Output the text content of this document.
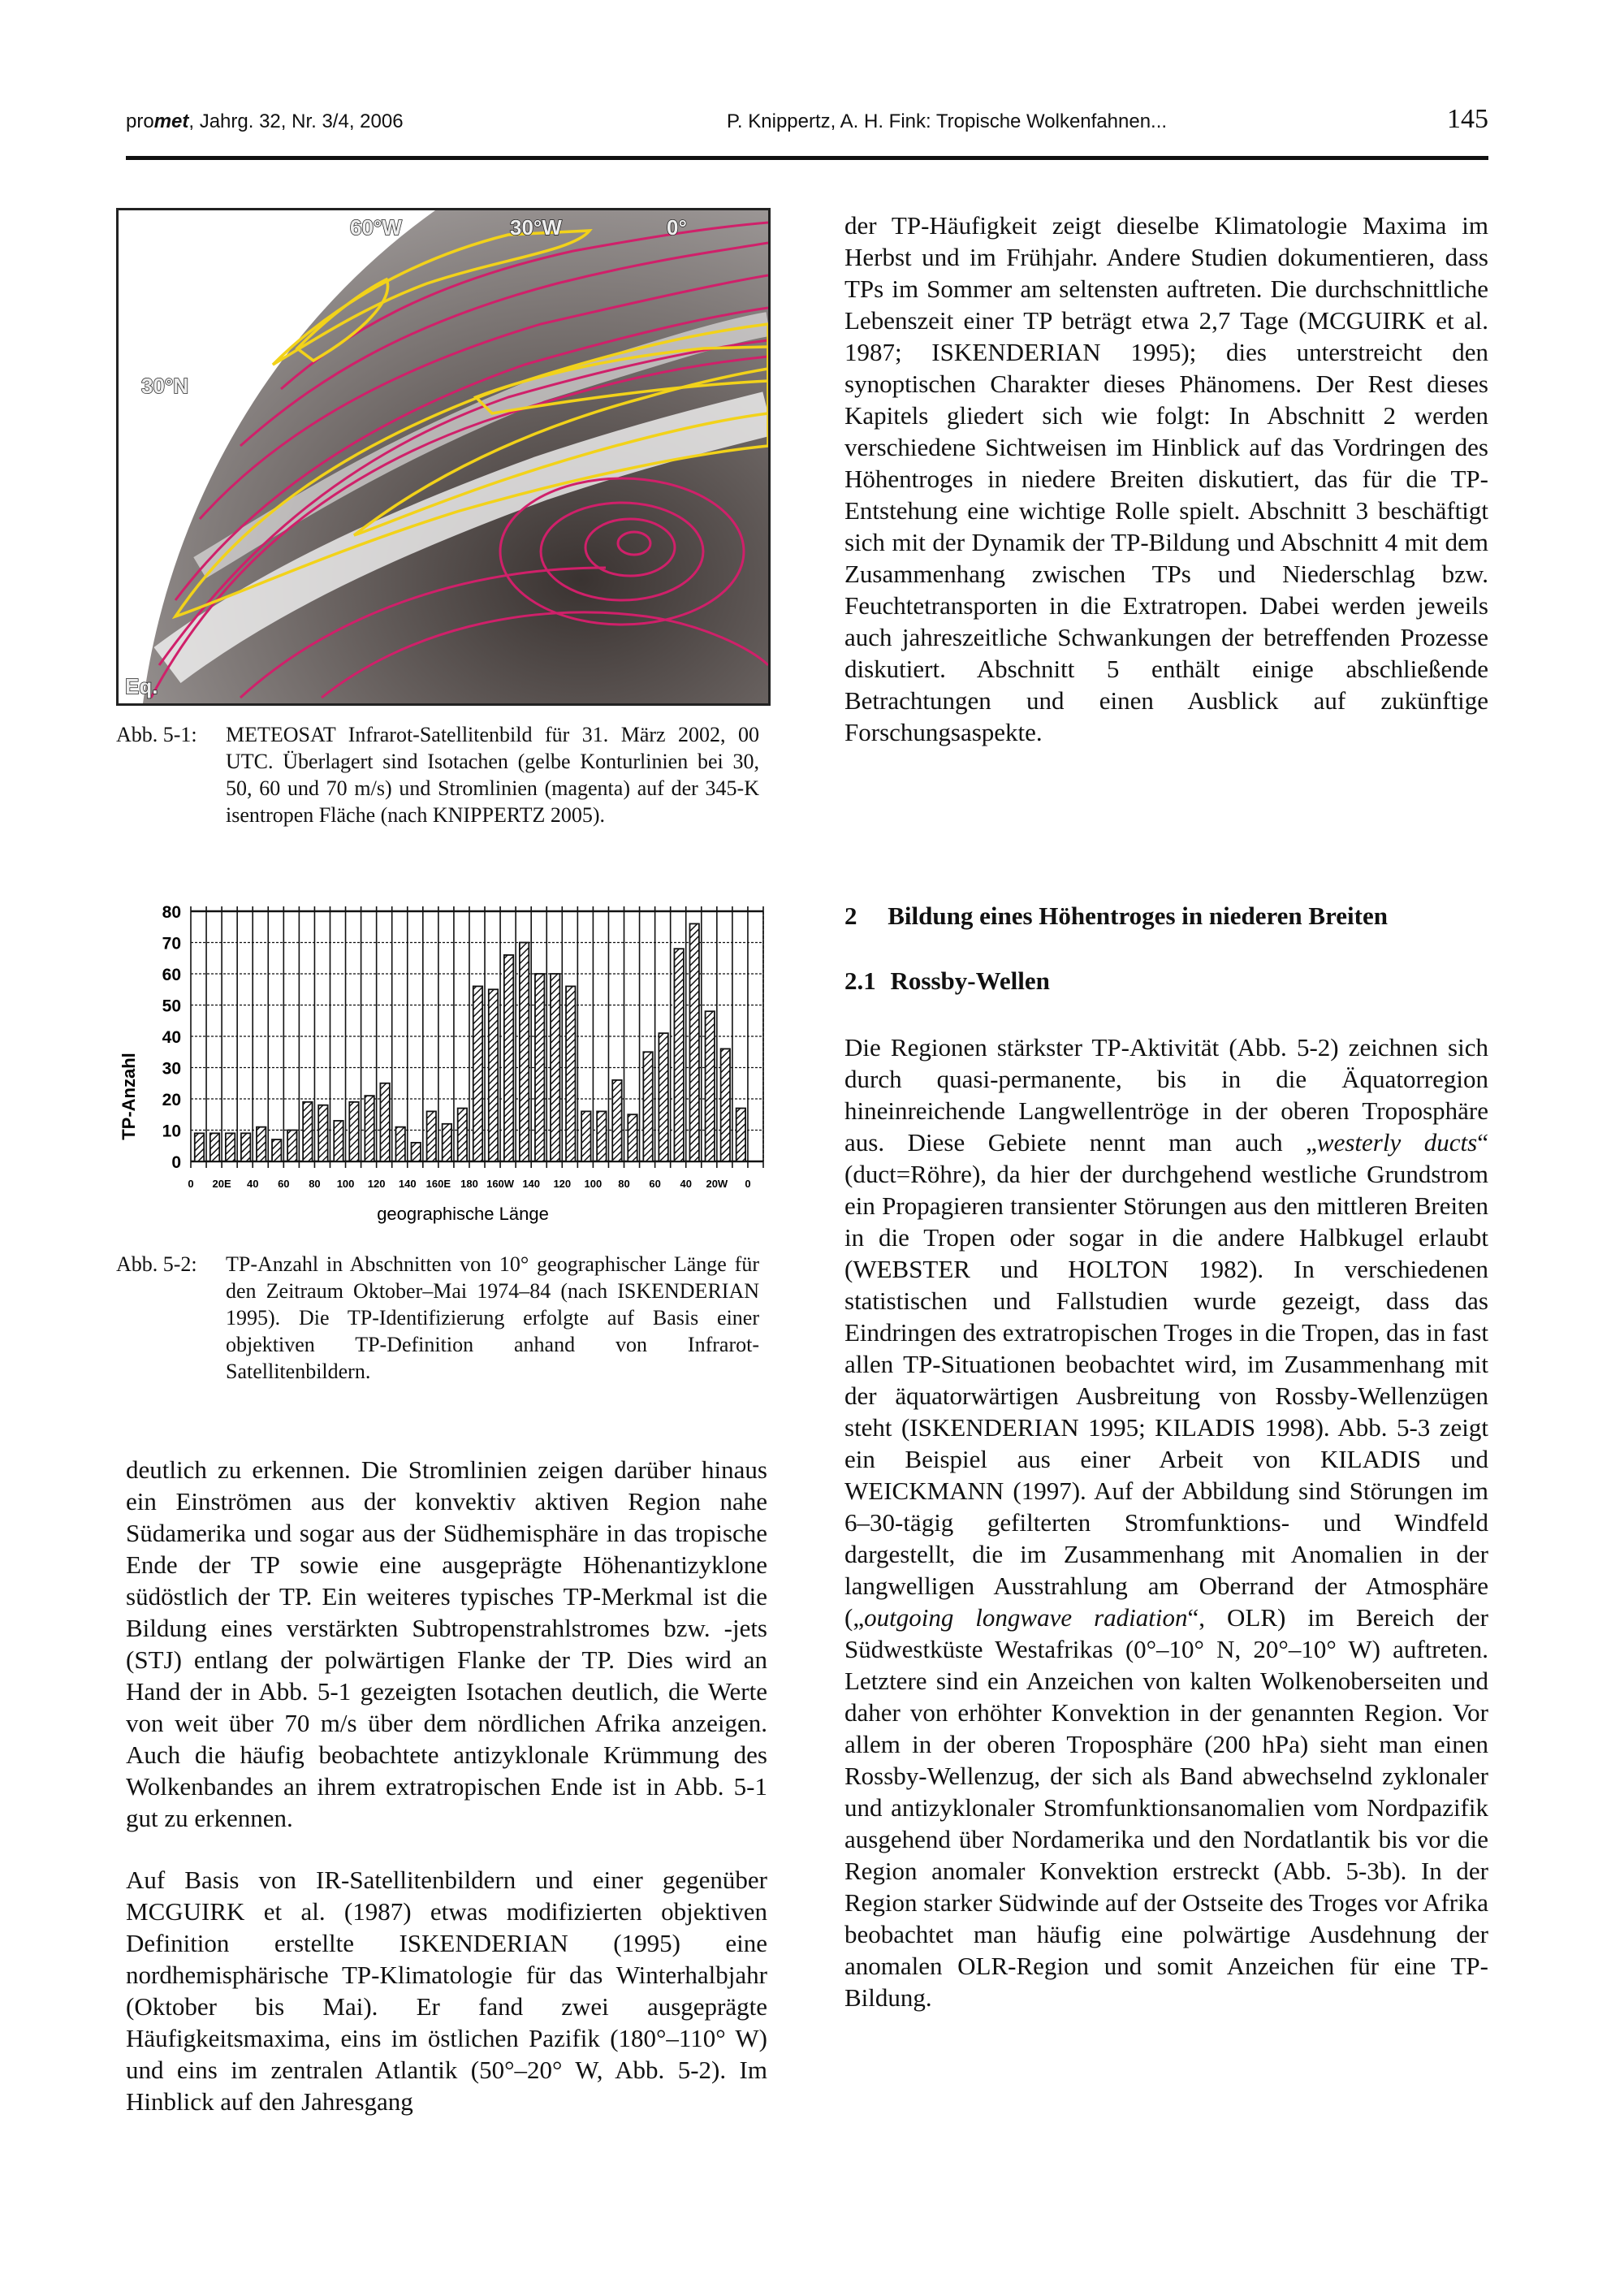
promet, Jahrg. 32, Nr. 3/4, 2006	P. Knippertz, A. H. Fink: Tropische Wolkenfahnen...	145
60°W	30°W	0°
30°N
Eq.
Abb. 5-1: METEOSAT Infrarot-Satellitenbild für 31. März 2002, 00 UTC. Überlagert sind Isotachen (gelbe Konturlinien bei 30, 50, 60 und 70 m/s) und Stromlinien (magenta) auf der 345-K isentropen Fläche (nach KNIPPERTZ 2005).
TP-Anzahl
geographische Länge
0
10
20
30
40
50
60
70
80
0 20E 40 60 80 100 120 140 160E 180 160W 140 120 100 80 60 40 20W 0
Abb. 5-2: TP-Anzahl in Abschnitten von 10° geographischer Länge für den Zeitraum Oktober–Mai 1974–84 (nach ISKENDERIAN 1995). Die TP-Identifizierung erfolgte auf Basis einer objektiven TP-Definition anhand von Infrarot-Satellitenbildern.

deutlich zu erkennen. Die Stromlinien zeigen darüber hinaus ein Einströmen aus der konvektiv aktiven Region nahe Südamerika und sogar aus der Südhemisphäre in das tropische Ende der TP sowie eine ausgeprägte Höhenantizyklone südöstlich der TP. Ein weiteres typisches TP-Merkmal ist die Bildung eines verstärkten Subtropenstrahlstromes bzw. -jets (STJ) entlang der polwärtigen Flanke der TP. Dies wird an Hand der in Abb. 5-1 gezeigten Isotachen deutlich, die Werte von weit über 70 m/s über dem nördlichen Afrika anzeigen. Auch die häufig beobachtete antizyklonale Krümmung des Wolkenbandes an ihrem extratropischen Ende ist in Abb. 5-1 gut zu erkennen.

Auf Basis von IR-Satellitenbildern und einer gegenüber MCGUIRK et al. (1987) etwas modifizierten objektiven Definition erstellte ISKENDERIAN (1995) eine nordhemisphärische TP-Klimatologie für das Winterhalbjahr (Oktober bis Mai). Er fand zwei ausgeprägte Häufigkeitsmaxima, eins im östlichen Pazifik (180°–110° W) und eins im zentralen Atlantik (50°–20° W, Abb. 5-2). Im Hinblick auf den Jahresgang

der TP-Häufigkeit zeigt dieselbe Klimatologie Maxima im Herbst und im Frühjahr. Andere Studien dokumentieren, dass TPs im Sommer am seltensten auftreten. Die durchschnittliche Lebenszeit einer TP beträgt etwa 2,7 Tage (MCGUIRK et al. 1987; ISKENDERIAN 1995); dies unterstreicht den synoptischen Charakter dieses Phänomens. Der Rest dieses Kapitels gliedert sich wie folgt: In Abschnitt 2 werden verschiedene Sichtweisen im Hinblick auf das Vordringen des Höhentroges in niedere Breiten diskutiert, das für die TP-Entstehung eine wichtige Rolle spielt. Abschnitt 3 beschäftigt sich mit der Dynamik der TP-Bildung und Abschnitt 4 mit dem Zusammenhang zwischen TPs und Niederschlag bzw. Feuchtetransporten in die Extratropen. Dabei werden jeweils auch jahreszeitliche Schwankungen der betreffenden Prozesse diskutiert. Abschnitt 5 enthält einige abschließende Betrachtungen und einen Ausblick auf zukünftige Forschungsaspekte.

2 Bildung eines Höhentroges in niederen Breiten
2.1 Rossby-Wellen

Die Regionen stärkster TP-Aktivität (Abb. 5-2) zeichnen sich durch quasi-permanente, bis in die Äquatorregion hineinreichende Langwellentröge in der oberen Troposphäre aus. Diese Gebiete nennt man auch „westerly ducts“ (duct=Röhre), da hier der durchgehend westliche Grundstrom ein Propagieren transienter Störungen aus den mittleren Breiten in die Tropen oder sogar in die andere Halbkugel erlaubt (WEBSTER und HOLTON 1982). In verschiedenen statistischen und Fallstudien wurde gezeigt, dass das Eindringen des extratropischen Troges in die Tropen, das in fast allen TP-Situationen beobachtet wird, im Zusammenhang mit der äquatorwärtigen Ausbreitung von Rossby-Wellenzügen steht (ISKENDERIAN 1995; KILADIS 1998). Abb. 5-3 zeigt ein Beispiel aus einer Arbeit von KILADIS und WEICKMANN (1997). Auf der Abbildung sind Störungen im 6–30-tägig gefilterten Stromfunktions- und Windfeld dargestellt, die im Zusammenhang mit Anomalien in der langwelligen Ausstrahlung am Oberrand der Atmosphäre („outgoing longwave radiation“, OLR) im Bereich der Südwestküste Westafrikas (0°–10° N, 20°–10° W) auftreten. Letztere sind ein Anzeichen von kalten Wolkenoberseiten und daher von erhöhter Konvektion in der genannten Region. Vor allem in der oberen Troposphäre (200 hPa) sieht man einen Rossby-Wellenzug, der sich als Band abwechselnd zyklonaler und antizyklonaler Stromfunktionsanomalien vom Nordpazifik ausgehend über Nordamerika und den Nordatlantik bis vor die Region anomaler Konvektion erstreckt (Abb. 5-3b). In der Region starker Südwinde auf der Ostseite des Troges vor Afrika beobachtet man häufig eine polwärtige Ausdehnung der anomalen OLR-Region und somit Anzeichen für eine TP-Bildung.
